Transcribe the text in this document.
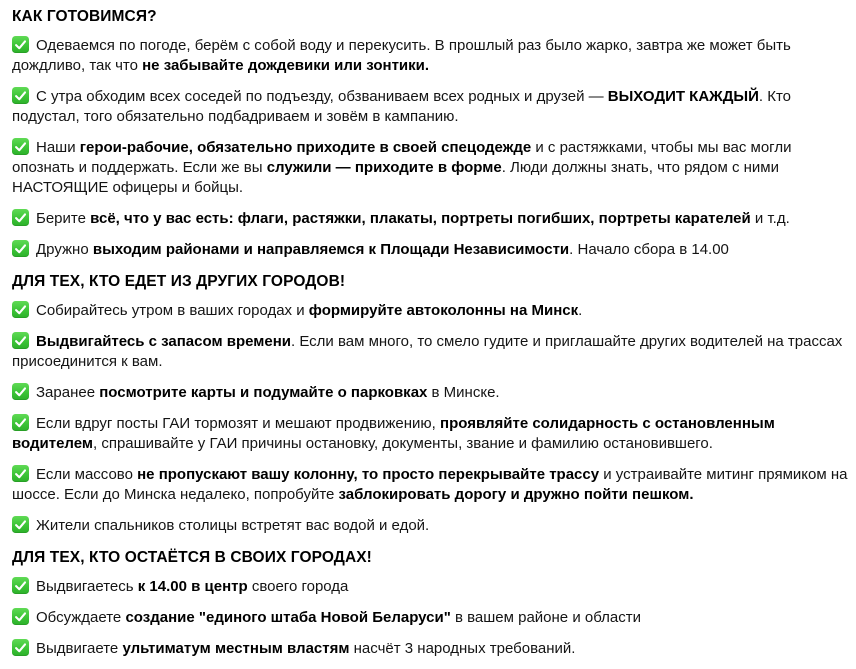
КАК ГОТОВИМСЯ?
Одеваемся по погоде, берём с собой воду и перекусить. В прошлый раз было жарко, завтра же может быть дождливо, так что не забывайте дождевики или зонтики.
С утра обходим всех соседей по подъезду, обзваниваем всех родных и друзей — ВЫХОДИТ КАЖДЫЙ. Кто подустал, того обязательно подбадриваем и зовём в кампанию.
Наши герои-рабочие, обязательно приходите в своей спецодежде и с растяжками, чтобы мы вас могли опознать и поддержать. Если же вы служили — приходите в форме. Люди должны знать, что рядом с ними НАСТОЯЩИЕ офицеры и бойцы.
Берите всё, что у вас есть: флаги, растяжки, плакаты, портреты погибших, портреты карателей и т.д.
Дружно выходим районами и направляемся к Площади Независимости. Начало сбора в 14.00
ДЛЯ ТЕХ, КТО ЕДЕТ ИЗ ДРУГИХ ГОРОДОВ!
Собирайтесь утром в ваших городах и формируйте автоколонны на Минск.
Выдвигайтесь с запасом времени. Если вам много, то смело гудите и приглашайте других водителей на трассах присоединится к вам.
Заранее посмотрите карты и подумайте о парковках в Минске.
Если вдруг посты ГАИ тормозят и мешают продвижению, проявляйте солидарность с остановленным водителем, спрашивайте у ГАИ причины остановку, документы, звание и фамилию остановившего.
Если массово не пропускают вашу колонну, то просто перекрывайте трассу и устраивайте митинг прямиком на шоссе. Если до Минска недалеко, попробуйте заблокировать дорогу и дружно пойти пешком.
Жители спальников столицы встретят вас водой и едой.
ДЛЯ ТЕХ, КТО ОСТАЁТСЯ В СВОИХ ГОРОДАХ!
Выдвигаетесь к 14.00 в центр своего города
Обсуждаете создание "единого штаба Новой Беларуси" в вашем районе и области
Выдвигаете ультиматум местным властям насчёт 3 народных требований.
